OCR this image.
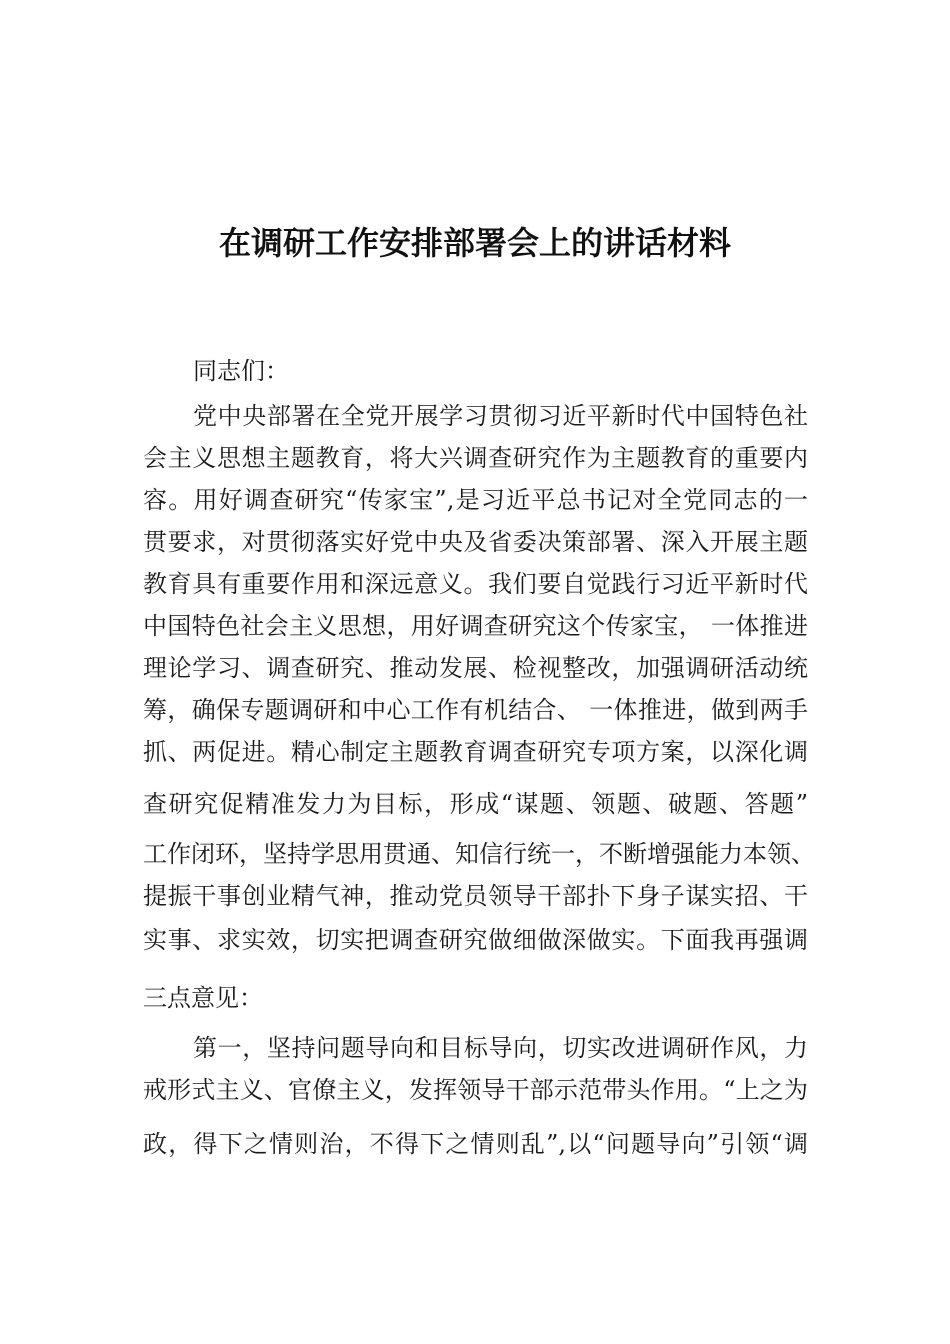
在调研工作安排部署会上的讲话材料
同志们：
党中央部署在全党开展学习贯彻习近平新时代中国特色社
会主义思想主题教育，将大兴调查研究作为主题教育的重要内
容。用好调查研究“传家宝”,是习近平总书记对全党同志的一
贯要求，对贯彻落实好党中央及省委决策部署、深入开展主题
教育具有重要作用和深远意义。我们要自觉践行习近平新时代
中国特色社会主义思想，用好调查研究这个传家宝， 一体推进
理论学习、调查研究、推动发展、检视整改，加强调研活动统
筹，确保专题调研和中心工作有机结合、 一体推进，做到两手
抓、两促进。精心制定主题教育调查研究专项方案，以深化调
查研究促精准发力为目标，形成“谋题、领题、破题、答题”
工作闭环，坚持学思用贯通、知信行统一，不断增强能力本领、
提振干事创业精气神，推动党员领导干部扑下身子谋实招、干
实事、求实效，切实把调查研究做细做深做实。下面我再强调
三点意见：
第一，坚持问题导向和目标导向，切实改进调研作风，力
戒形式主义、官僚主义，发挥领导干部示范带头作用。“上之为
政，得下之情则治，不得下之情则乱”,以“问题导向”引领“调
